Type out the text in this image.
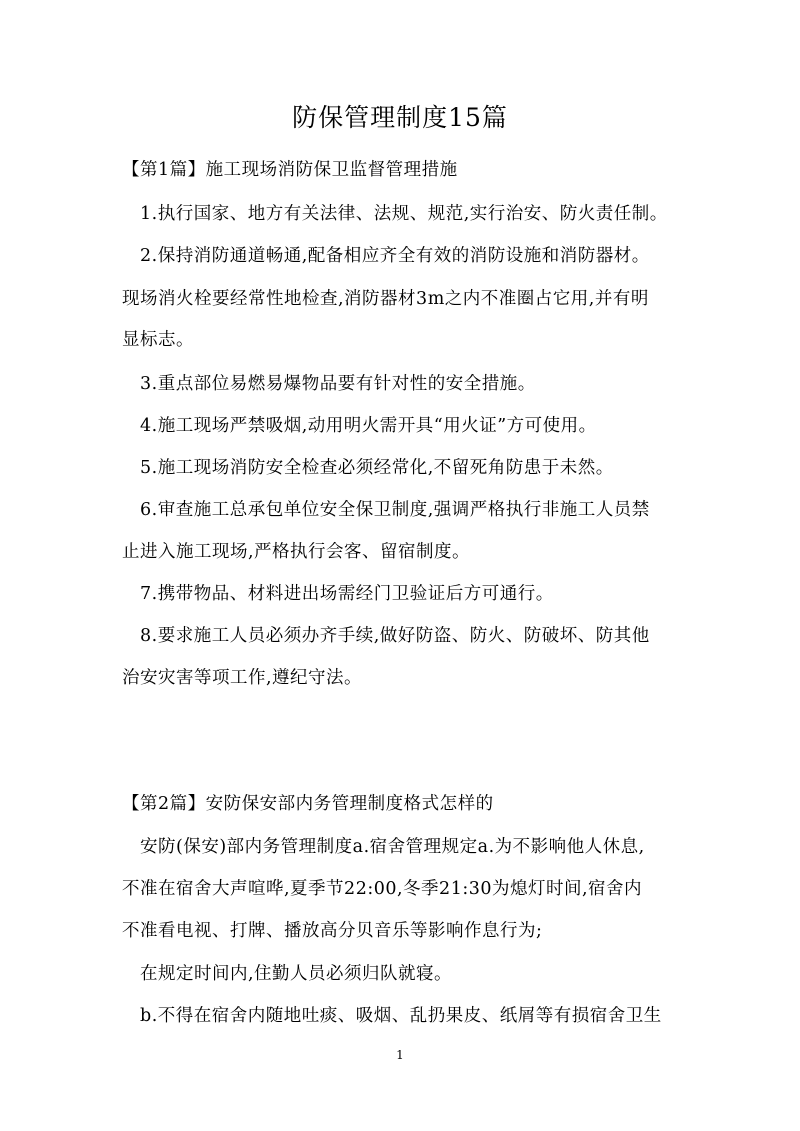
防保管理制度15篇
【第1篇】施工现场消防保卫监督管理措施
1.执行国家、地方有关法律、法规、规范,实行治安、防火责任制。
2.保持消防通道畅通,配备相应齐全有效的消防设施和消防器材。
现场消火栓要经常性地检查,消防器材3m之内不准圈占它用,并有明
显标志。
3.重点部位易燃易爆物品要有针对性的安全措施。
4.施工现场严禁吸烟,动用明火需开具“用火证”方可使用。
5.施工现场消防安全检查必须经常化,不留死角防患于未然。
6.审查施工总承包单位安全保卫制度,强调严格执行非施工人员禁
止进入施工现场,严格执行会客、留宿制度。
7.携带物品、材料进出场需经门卫验证后方可通行。
8.要求施工人员必须办齐手续,做好防盗、防火、防破坏、防其他
治安灾害等项工作,遵纪守法。
【第2篇】安防保安部内务管理制度格式怎样的
安防(保安)部内务管理制度a.宿舍管理规定a.为不影响他人休息,
不准在宿舍大声喧哗,夏季节22:00,冬季21:30为熄灯时间,宿舍内
不准看电视、打牌、播放高分贝音乐等影响作息行为;
在规定时间内,住勤人员必须归队就寝。
b.不得在宿舍内随地吐痰、吸烟、乱扔果皮、纸屑等有损宿舍卫生
1
